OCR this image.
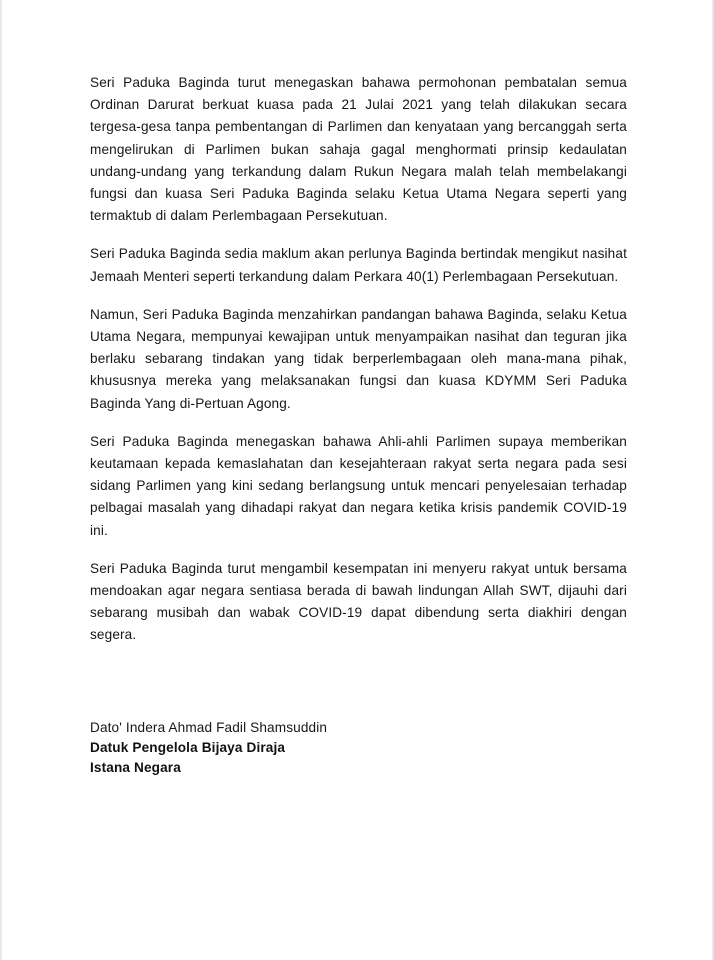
Seri Paduka Baginda turut menegaskan bahawa permohonan pembatalan semua Ordinan Darurat berkuat kuasa pada 21 Julai 2021 yang telah dilakukan secara tergesa-gesa tanpa pembentangan di Parlimen dan kenyataan yang bercanggah serta mengelirukan di Parlimen bukan sahaja gagal menghormati prinsip kedaulatan undang-undang yang terkandung dalam Rukun Negara malah telah membelakangi fungsi dan kuasa Seri Paduka Baginda selaku Ketua Utama Negara seperti yang termaktub di dalam Perlembagaan Persekutuan.

Seri Paduka Baginda sedia maklum akan perlunya Baginda bertindak mengikut nasihat Jemaah Menteri seperti terkandung dalam Perkara 40(1) Perlembagaan Persekutuan.

Namun, Seri Paduka Baginda menzahirkan pandangan bahawa Baginda, selaku Ketua Utama Negara, mempunyai kewajipan untuk menyampaikan nasihat dan teguran jika berlaku sebarang tindakan yang tidak berperlembagaan oleh mana-mana pihak, khususnya mereka yang melaksanakan fungsi dan kuasa KDYMM Seri Paduka Baginda Yang di-Pertuan Agong.

Seri Paduka Baginda menegaskan bahawa Ahli-ahli Parlimen supaya memberikan keutamaan kepada kemaslahatan dan kesejahteraan rakyat serta negara pada sesi sidang Parlimen yang kini sedang berlangsung untuk mencari penyelesaian terhadap pelbagai masalah yang dihadapi rakyat dan negara ketika krisis pandemik COVID-19 ini.

Seri Paduka Baginda turut mengambil kesempatan ini menyeru rakyat untuk bersama mendoakan agar negara sentiasa berada di bawah lindungan Allah SWT, dijauhi dari sebarang musibah dan wabak COVID-19 dapat dibendung serta diakhiri dengan segera.

Dato' Indera Ahmad Fadil Shamsuddin
Datuk Pengelola Bijaya Diraja
Istana Negara
